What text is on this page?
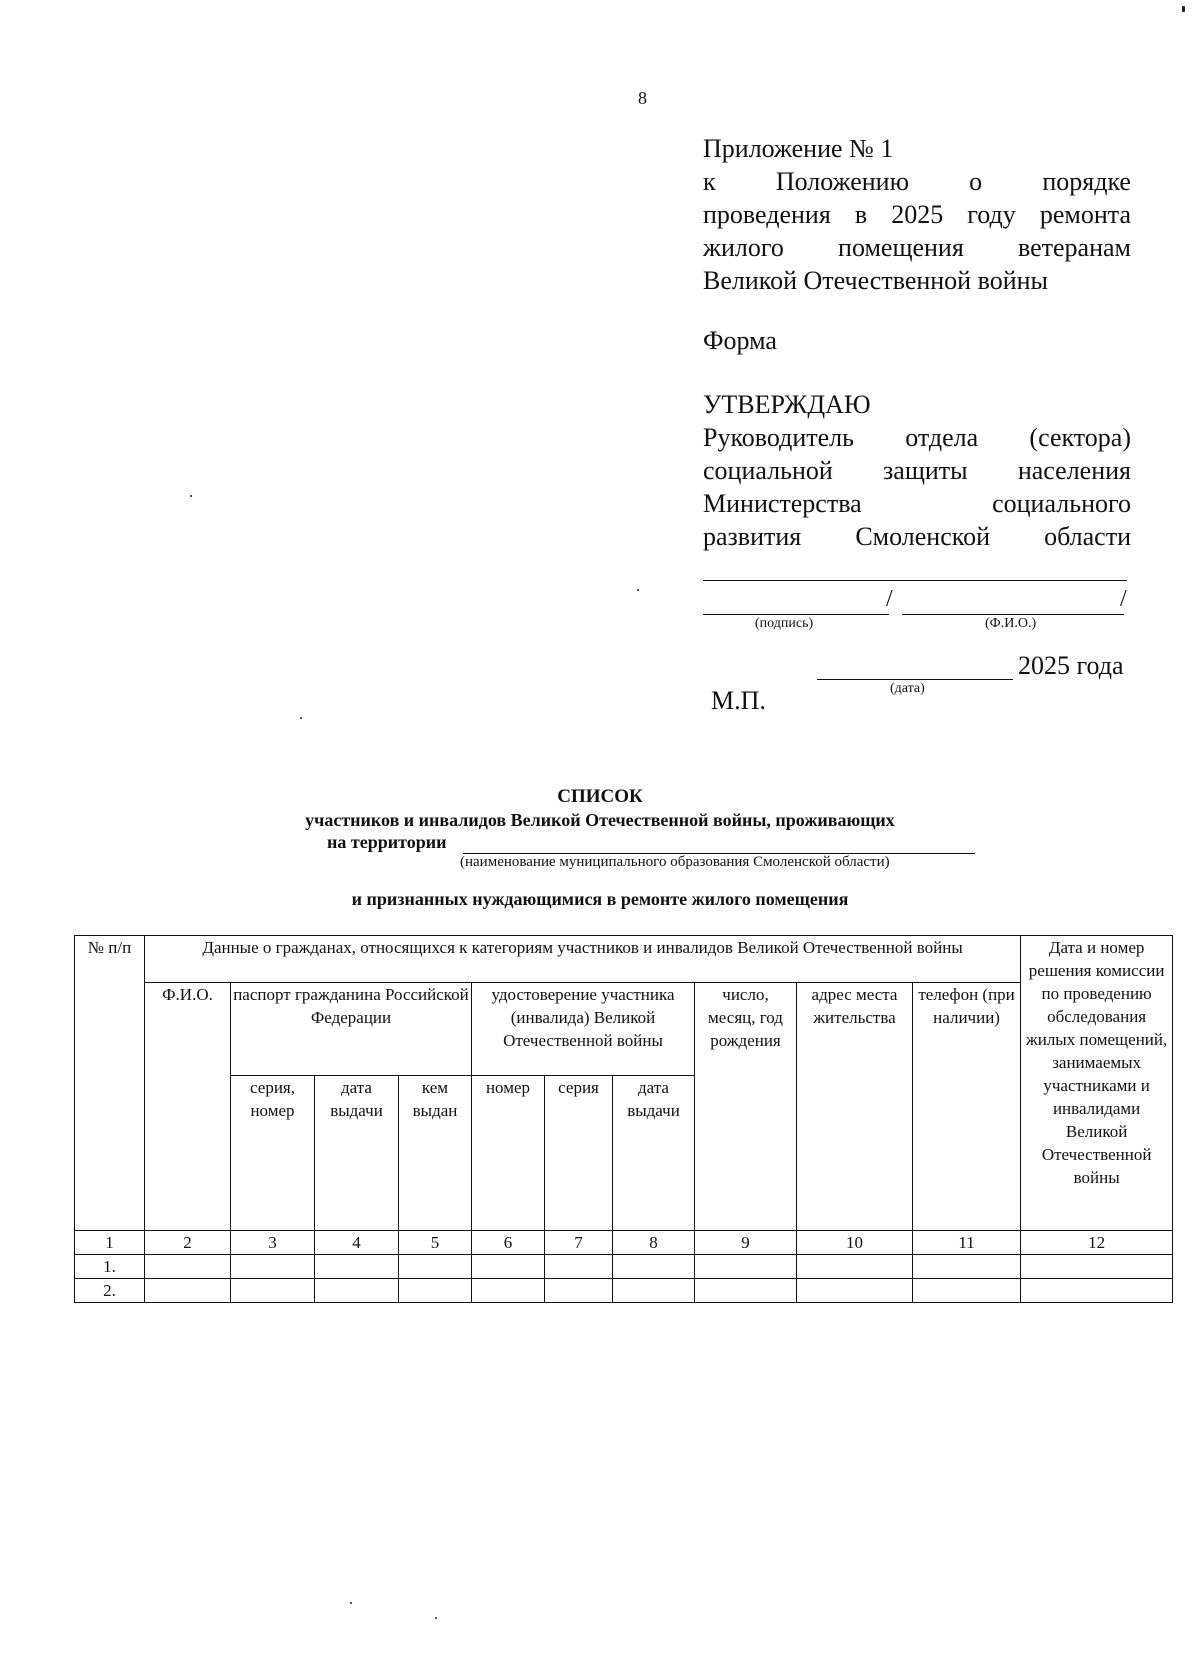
8
Приложение № 1
к Положению о порядке
проведения в 2025 году ремонта
жилого помещения ветеранам
Великой Отечественной войны
Форма
УТВЕРЖДАЮ
Руководитель отдела (сектора)
социальной защиты населения
Министерства социального
развития Смоленской области
/	/
(подпись)	(Ф.И.О.)
2025 года
(дата)
М.П.
СПИСОК
участников и инвалидов Великой Отечественной войны, проживающих
на территории
(наименование муниципального образования Смоленской области)
и признанных нуждающимися в ремонте жилого помещения
№ п/п	Данные о гражданах, относящихся к категориям участников и инвалидов Великой Отечественной войны										Дата и номер решения комиссии по проведению обследования жилых помещений, занимаемых участниками и инвалидами Великой Отечественной войны
	Ф.И.О.	паспорт гражданина Российской Федерации			удостоверение участника (инвалида) Великой Отечественной войны			число, месяц, год рождения	адрес места жительства	телефон (при наличии)	
		серия, номер	дата выдачи	кем выдан	номер	серия	дата выдачи				
1	2	3	4	5	6	7	8	9	10	11	12
1.											
2.											
